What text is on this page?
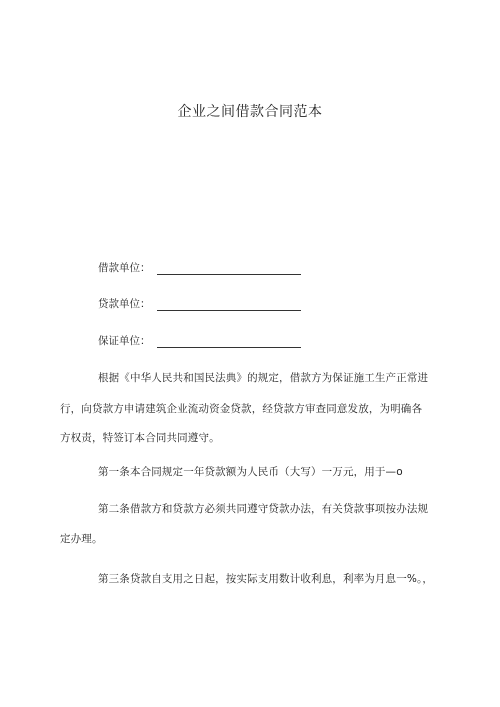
企业之间借款合同范本
借款单位：
贷款单位：
保证单位：
根据《中华人民共和国民法典》的规定，借款方为保证施工生产正常进
行，向贷款方申请建筑企业流动资金贷款，经贷款方审查同意发放，为明确各
方权责，特签订本合同共同遵守。
第一条本合同规定一年贷款额为人民币（大写）一万元，用于—o
第二条借款方和贷款方必须共同遵守贷款办法，有关贷款事项按办法规
定办理。
第三条贷款自支用之日起，按实际支用数计收利息，利率为月息一%。，
